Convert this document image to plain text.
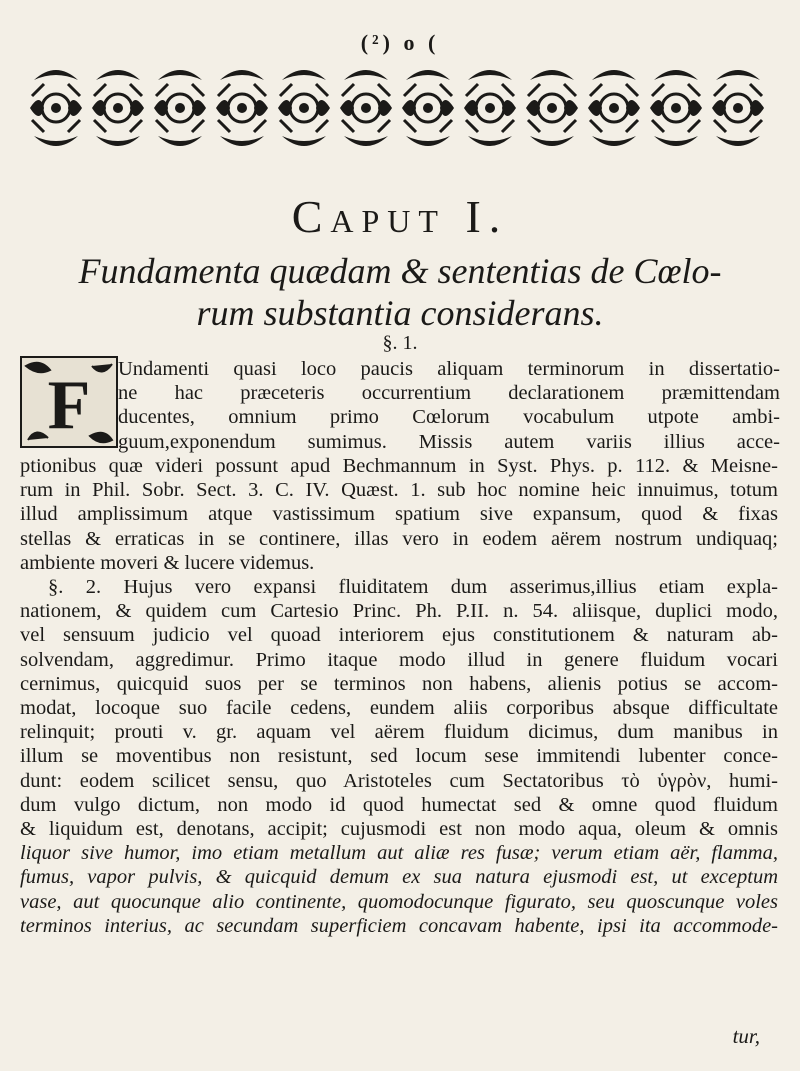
(²) o (
Caput I.
Fundamenta quædam & sententias de Cœlo-
rum substantia considerans.
§. 1.
F Undamenti quasi loco paucis aliquam terminorum in dissertatio-
ne hac præceteris occurrentium declarationem præmittendam
ducentes, omnium primo Cœlorum vocabulum utpote ambi-
guum,exponendum sumimus. Missis autem variis illius acce-
ptionibus quæ videri possunt apud Bechmannum in Syst. Phys. p. 112. & Meisne-
rum in Phil. Sobr. Sect. 3. C. IV. Quæst. 1. sub hoc nomine heic innuimus, totum
illud amplissimum atque vastissimum spatium sive expansum, quod & fixas
stellas & erraticas in se continere, illas vero in eodem aërem nostrum undiquaq;
ambiente moveri & lucere videmus.
§. 2. Hujus vero expansi fluiditatem dum asserimus,illius etiam expla-
nationem, & quidem cum Cartesio Princ. Ph. P.II. n. 54. aliisque, duplici modo,
vel sensuum judicio vel quoad interiorem ejus constitutionem & naturam ab-
solvendam, aggredimur. Primo itaque modo illud in genere fluidum vocari
cernimus, quicquid suos per se terminos non habens, alienis potius se accom-
modat, locoque suo facile cedens, eundem aliis corporibus absque difficultate
relinquit; prouti v. gr. aquam vel aërem fluidum dicimus, dum manibus in
illum se moventibus non resistunt, sed locum sese immitendi lubenter conce-
dunt: eodem scilicet sensu, quo Aristoteles cum Sectatoribus τὸ ὑγρὸν, humi-
dum vulgo dictum, non modo id quod humectat sed & omne quod fluidum
& liquidum est, denotans, accipit; cujusmodi est non modo aqua, oleum & omnis
liquor sive humor, imo etiam metallum aut aliæ res fusæ; verum etiam aër, flamma,
fumus, vapor pulvis, & quicquid demum ex sua natura ejusmodi est, ut exceptum
vase, aut quocunque alio continente, quomodocunque figurato, seu quoscunque voles
terminos interius, ac secundam superficiem concavam habente, ipsi ita accommode-
tur,
